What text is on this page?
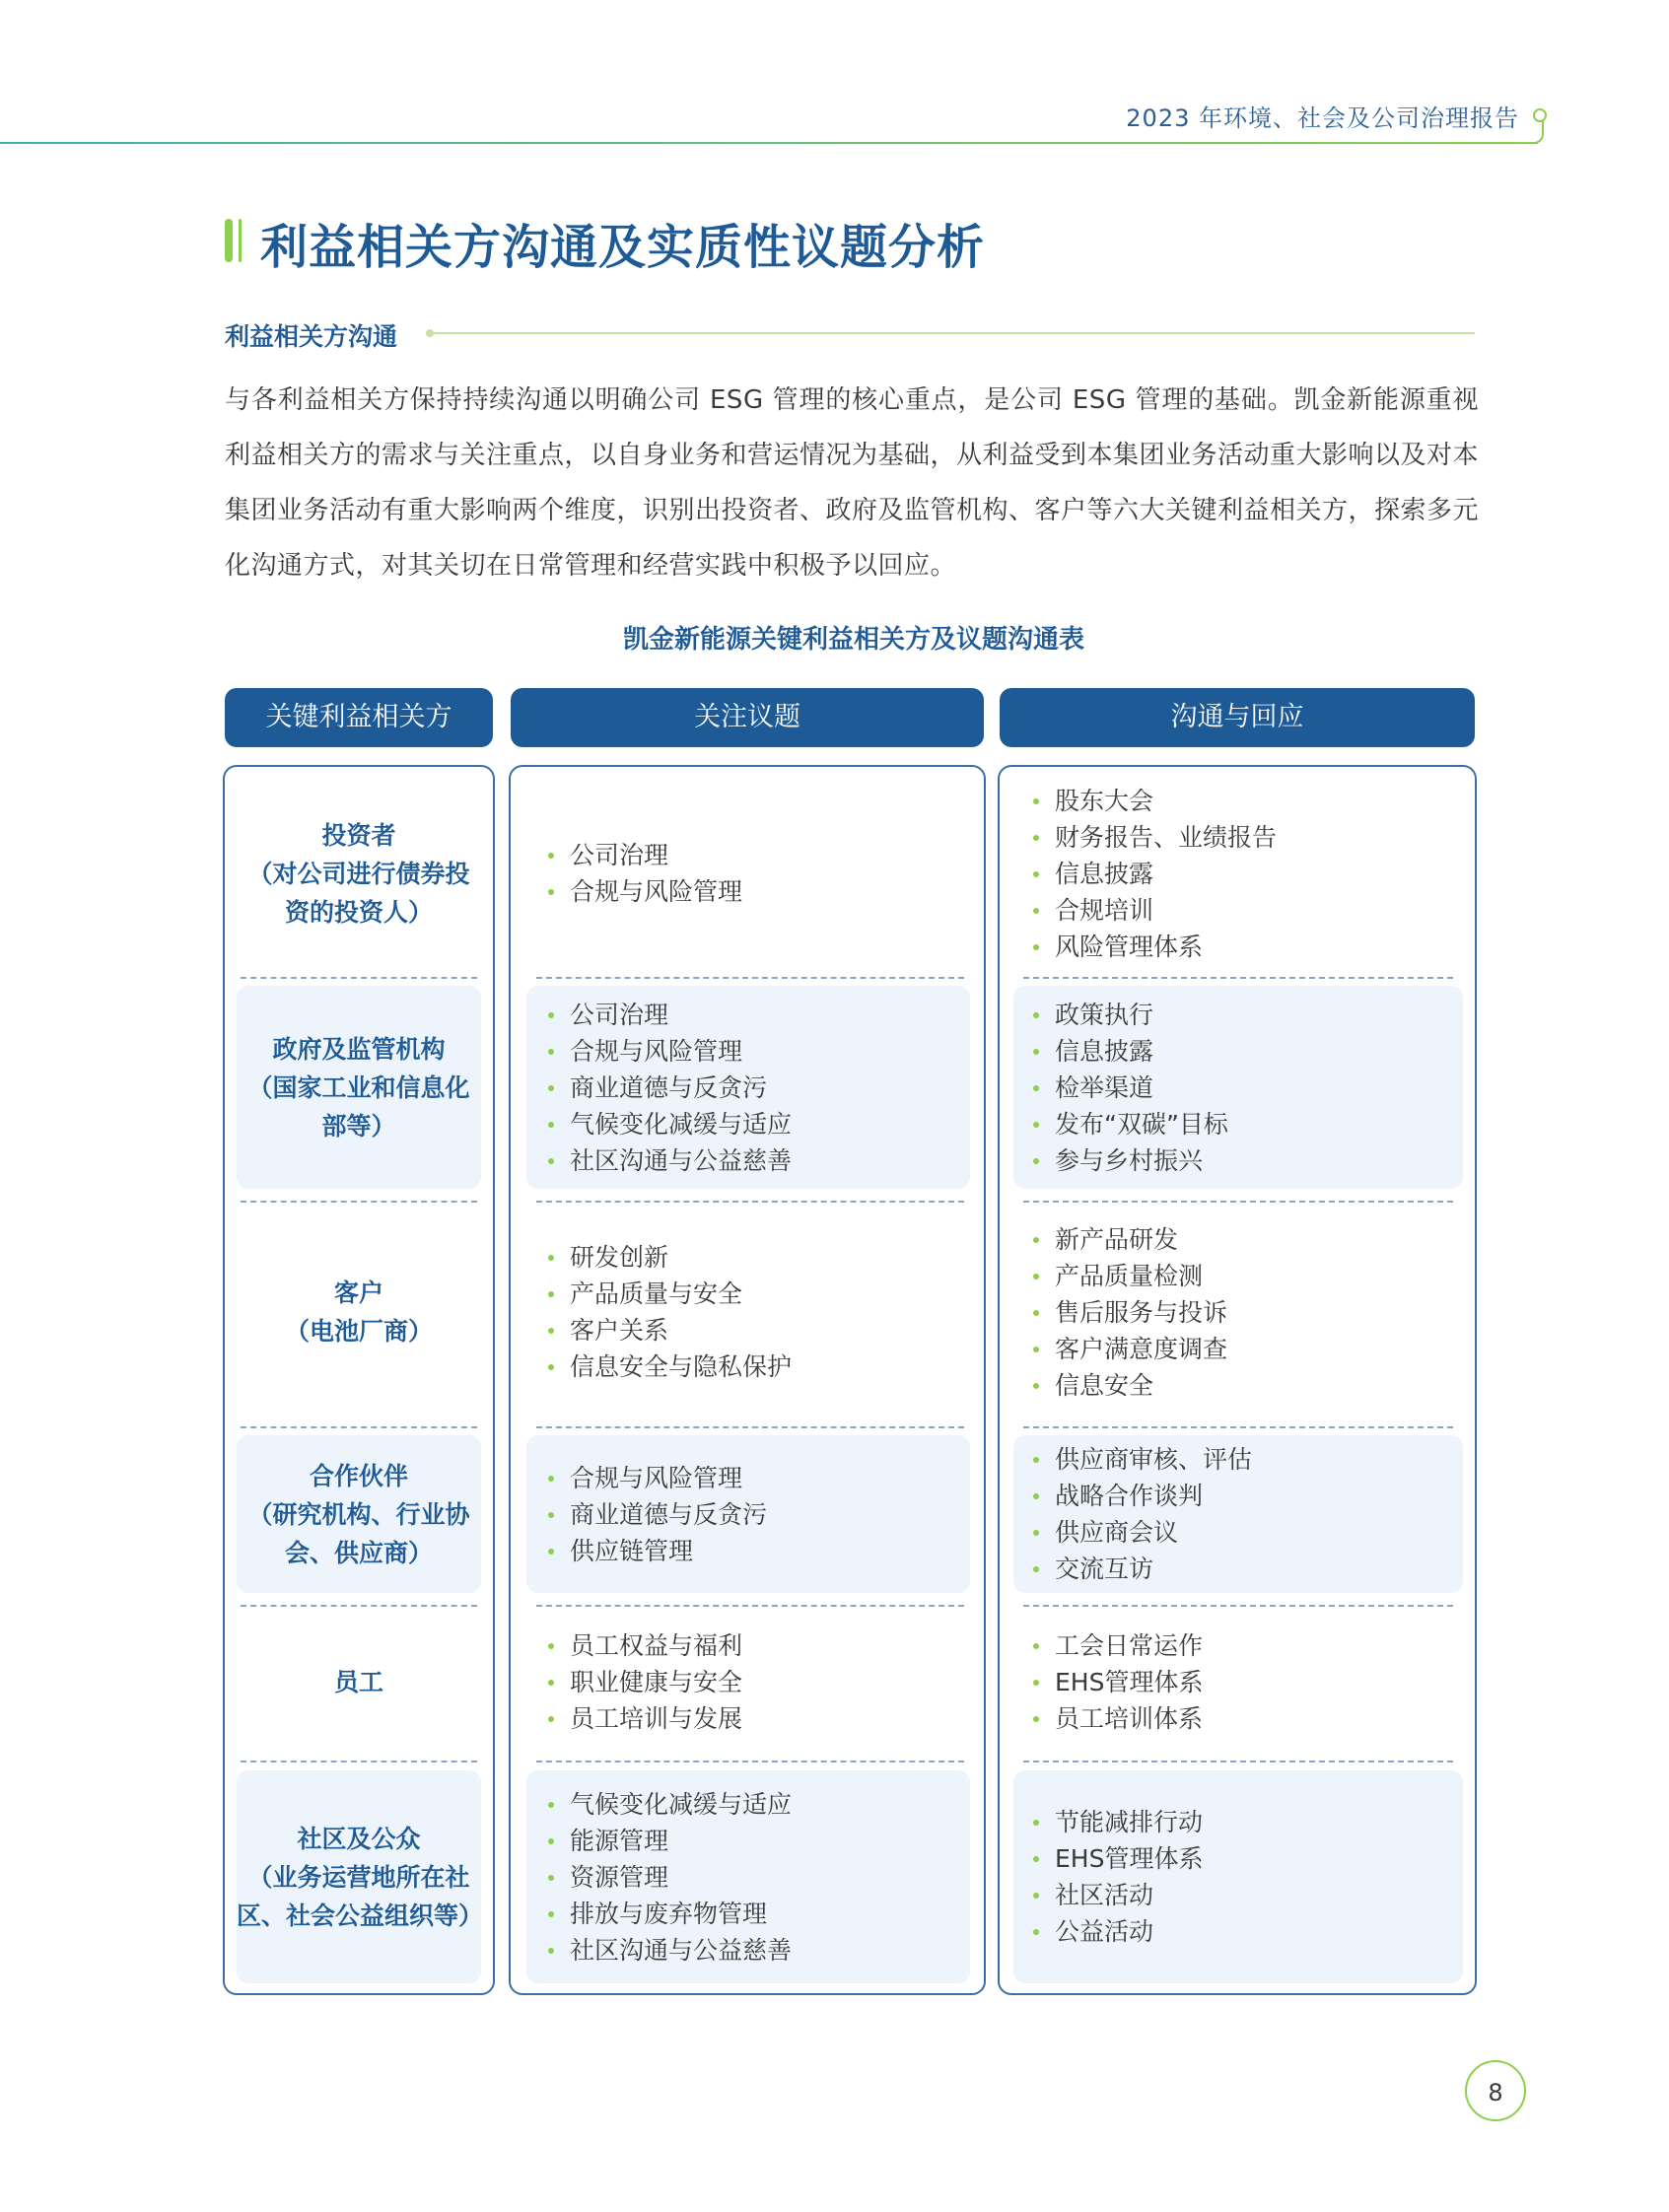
2023 年环境、社会及公司治理报告
利益相关方沟通及实质性议题分析
利益相关方沟通
与各利益相关方保持持续沟通以明确公司 ESG 管理的核心重点，是公司 ESG 管理的基础。凯金新能源重视利益相关方的需求与关注重点，以自身业务和营运情况为基础，从利益受到本集团业务活动重大影响以及对本集团业务活动有重大影响两个维度，识别出投资者、政府及监管机构、客户等六大关键利益相关方，探索多元化沟通方式，对其关切在日常管理和经营实践中积极予以回应。
凯金新能源关键利益相关方及议题沟通表
关键利益相关方	关注议题	沟通与回应
投资者
（对公司进行债券投
资的投资人）
公司治理
合规与风险管理
股东大会
财务报告、业绩报告
信息披露
合规培训
风险管理体系
政府及监管机构
（国家工业和信息化
部等）
公司治理
合规与风险管理
商业道德与反贪污
气候变化减缓与适应
社区沟通与公益慈善
政策执行
信息披露
检举渠道
发布“双碳”目标
参与乡村振兴
客户
（电池厂商）
研发创新
产品质量与安全
客户关系
信息安全与隐私保护
新产品研发
产品质量检测
售后服务与投诉
客户满意度调查
信息安全
合作伙伴
（研究机构、行业协
会、供应商）
合规与风险管理
商业道德与反贪污
供应链管理
供应商审核、评估
战略合作谈判
供应商会议
交流互访
员工
员工权益与福利
职业健康与安全
员工培训与发展
工会日常运作
EHS管理体系
员工培训体系
社区及公众
（业务运营地所在社
区、社会公益组织等）
气候变化减缓与适应
能源管理
资源管理
排放与废弃物管理
社区沟通与公益慈善
节能减排行动
EHS管理体系
社区活动
公益活动
8
